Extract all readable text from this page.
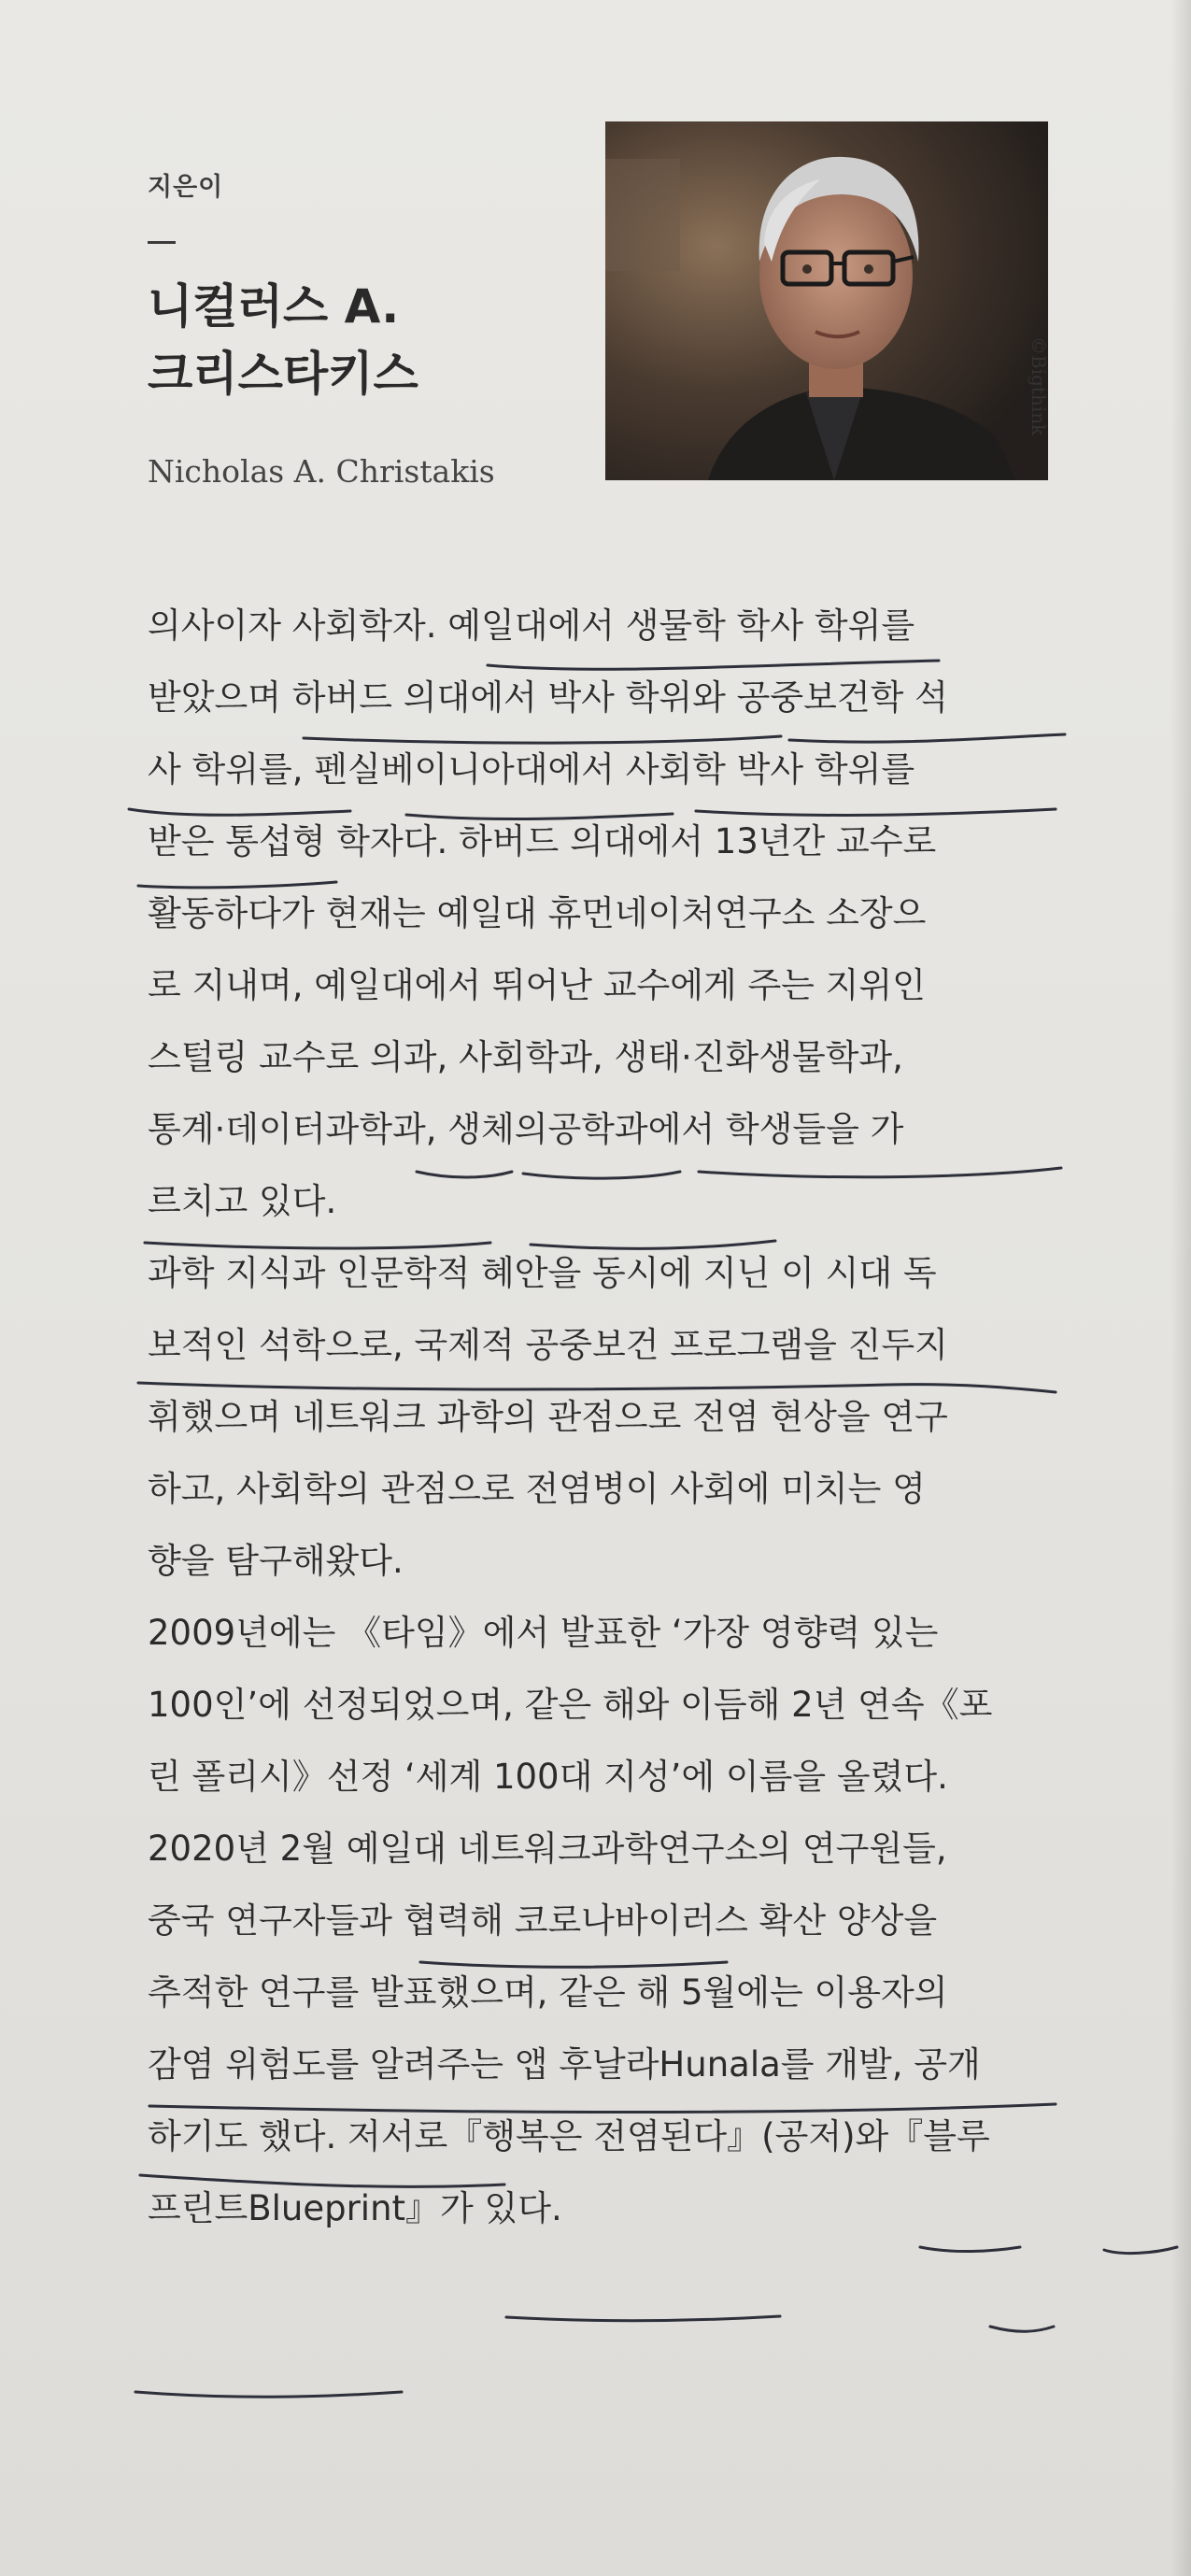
지은이
니컬러스 A.
크리스타키스
Nicholas A. Christakis
©Bigthink
의사이자 사회학자. 예일대에서 생물학 학사 학위를
받았으며 하버드 의대에서 박사 학위와 공중보건학 석
사 학위를, 펜실베이니아대에서 사회학 박사 학위를
받은 통섭형 학자다. 하버드 의대에서 13년간 교수로
활동하다가 현재는 예일대 휴먼네이처연구소 소장으
로 지내며, 예일대에서 뛰어난 교수에게 주는 지위인
스털링 교수로 의과, 사회학과, 생태·진화생물학과,
통계·데이터과학과, 생체의공학과에서 학생들을 가
르치고 있다.
과학 지식과 인문학적 혜안을 동시에 지닌 이 시대 독
보적인 석학으로, 국제적 공중보건 프로그램을 진두지
휘했으며 네트워크 과학의 관점으로 전염 현상을 연구
하고, 사회학의 관점으로 전염병이 사회에 미치는 영
향을 탐구해왔다.
2009년에는 《타임》에서 발표한 ‘가장 영향력 있는
100인’에 선정되었으며, 같은 해와 이듬해 2년 연속《포
린 폴리시》선정 ‘세계 100대 지성’에 이름을 올렸다.
2020년 2월 예일대 네트워크과학연구소의 연구원들,
중국 연구자들과 협력해 코로나바이러스 확산 양상을
추적한 연구를 발표했으며, 같은 해 5월에는 이용자의
감염 위험도를 알려주는 앱 후날라Hunala를 개발, 공개
하기도 했다. 저서로『행복은 전염된다』(공저)와『블루
프린트Blueprint』가 있다.
